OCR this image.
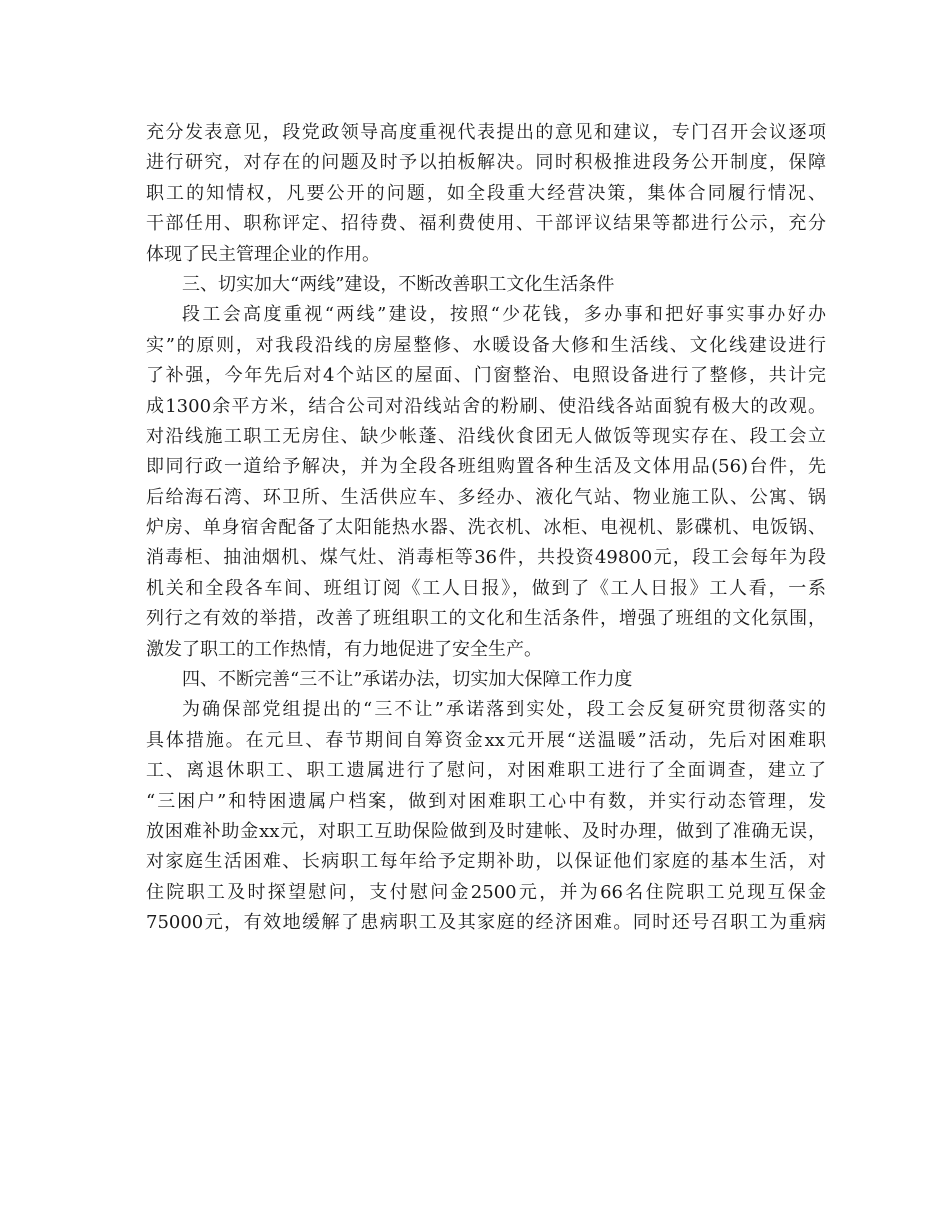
充分发表意见，段党政领导高度重视代表提出的意见和建议，专门召开会议逐项
进行研究，对存在的问题及时予以拍板解决。同时积极推进段务公开制度，保障
职工的知情权，凡要公开的问题，如全段重大经营决策，集体合同履行情况、
干部任用、职称评定、招待费、福利费使用、干部评议结果等都进行公示，充分
体现了民主管理企业的作用。
三、切实加大“两线”建设，不断改善职工文化生活条件
段工会高度重视“两线”建设，按照“少花钱，多办事和把好事实事办好办
实”的原则，对我段沿线的房屋整修、水暖设备大修和生活线、文化线建设进行
了补强，今年先后对4个站区的屋面、门窗整治、电照设备进行了整修，共计完
成1300余平方米，结合公司对沿线站舍的粉刷、使沿线各站面貌有极大的改观。
对沿线施工职工无房住、缺少帐蓬、沿线伙食团无人做饭等现实存在、段工会立
即同行政一道给予解决，并为全段各班组购置各种生活及文体用品(56)台件，先
后给海石湾、环卫所、生活供应车、多经办、液化气站、物业施工队、公寓、锅
炉房、单身宿舍配备了太阳能热水器、洗衣机、冰柜、电视机、影碟机、电饭锅、
消毒柜、抽油烟机、煤气灶、消毒柜等36件，共投资49800元，段工会每年为段
机关和全段各车间、班组订阅《工人日报》，做到了《工人日报》工人看，一系
列行之有效的举措，改善了班组职工的文化和生活条件，增强了班组的文化氛围，
激发了职工的工作热情，有力地促进了安全生产。
四、不断完善“三不让”承诺办法，切实加大保障工作力度
为确保部党组提出的“三不让”承诺落到实处，段工会反复研究贯彻落实的
具体措施。在元旦、春节期间自筹资金xx元开展“送温暖”活动，先后对困难职
工、离退休职工、职工遗属进行了慰问，对困难职工进行了全面调查，建立了
“三困户”和特困遗属户档案，做到对困难职工心中有数，并实行动态管理，发
放困难补助金xx元，对职工互助保险做到及时建帐、及时办理，做到了准确无误，
对家庭生活困难、长病职工每年给予定期补助，以保证他们家庭的基本生活，对
住院职工及时探望慰问，支付慰问金2500元，并为66名住院职工兑现互保金
75000元，有效地缓解了患病职工及其家庭的经济困难。同时还号召职工为重病
